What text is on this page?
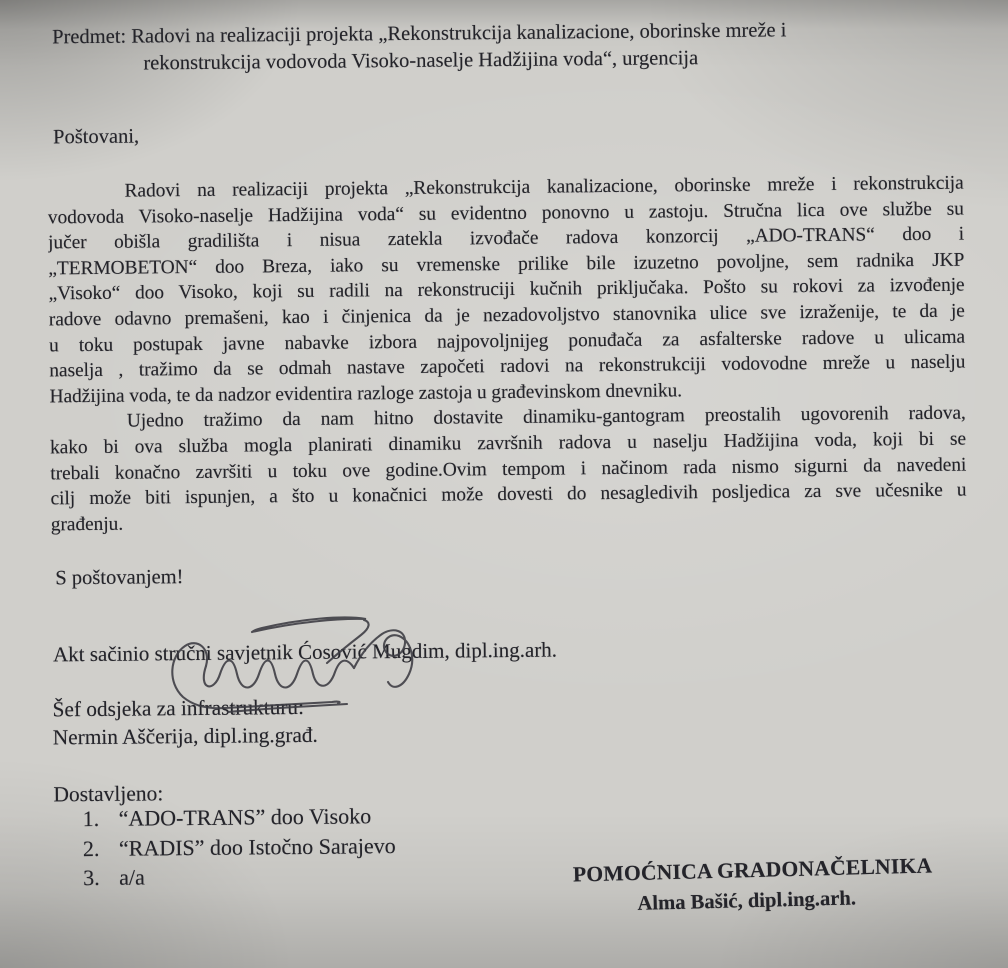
Predmet: Radovi na realizaciji projekta „Rekonstrukcija kanalizacione, oborinske mreže i
rekonstrukcija vodovoda Visoko-naselje Hadžijina voda“, urgencija
Poštovani,
Radovi na realizaciji projekta „Rekonstrukcija kanalizacione, oborinske mreže i rekonstrukcija
vodovoda Visoko-naselje Hadžijina voda“ su evidentno ponovno u zastoju. Stručna lica ove službe su
jučer obišla gradilišta i nisua zatekla izvođače radova konzorcij „ADO-TRANS“ doo i
„TERMOBETON“ doo Breza, iako su vremenske prilike bile izuzetno povoljne, sem radnika JKP
„Visoko“ doo Visoko, koji su radili na rekonstruciji kučnih priključaka. Pošto su rokovi za izvođenje
radove odavno premašeni, kao i činjenica da je nezadovoljstvo stanovnika ulice sve izraženije, te da je
u toku postupak javne nabavke izbora najpovoljnijeg ponuđača za asfalterske radove u ulicama
naselja , tražimo da se odmah nastave započeti radovi na rekonstrukciji vodovodne mreže u naselju
Hadžijina voda, te da nadzor evidentira razloge zastoja u građevinskom dnevniku.
Ujedno tražimo da nam hitno dostavite dinamiku-gantogram preostalih ugovorenih radova,
kako bi ova služba mogla planirati dinamiku završnih radova u naselju Hadžijina voda, koji bi se
trebali konačno završiti u toku ove godine.Ovim tempom i načinom rada nismo sigurni da navedeni
cilj može biti ispunjen, a što u konačnici može dovesti do nesagledivih posljedica za sve učesnike u
građenju.
S poštovanjem!
Akt sačinio stručni savjetnik Ćosović Mugdim, dipl.ing.arh.
Šef odsjeka za infrastrukturu:
Nermin Aščerija, dipl.ing.građ.
Dostavljeno:
1. “ADO-TRANS” doo Visoko
2. “RADIS” doo Istočno Sarajevo
3. a/a	POMOĆNICA GRADONAČELNIKA
Alma Bašić, dipl.ing.arh.
